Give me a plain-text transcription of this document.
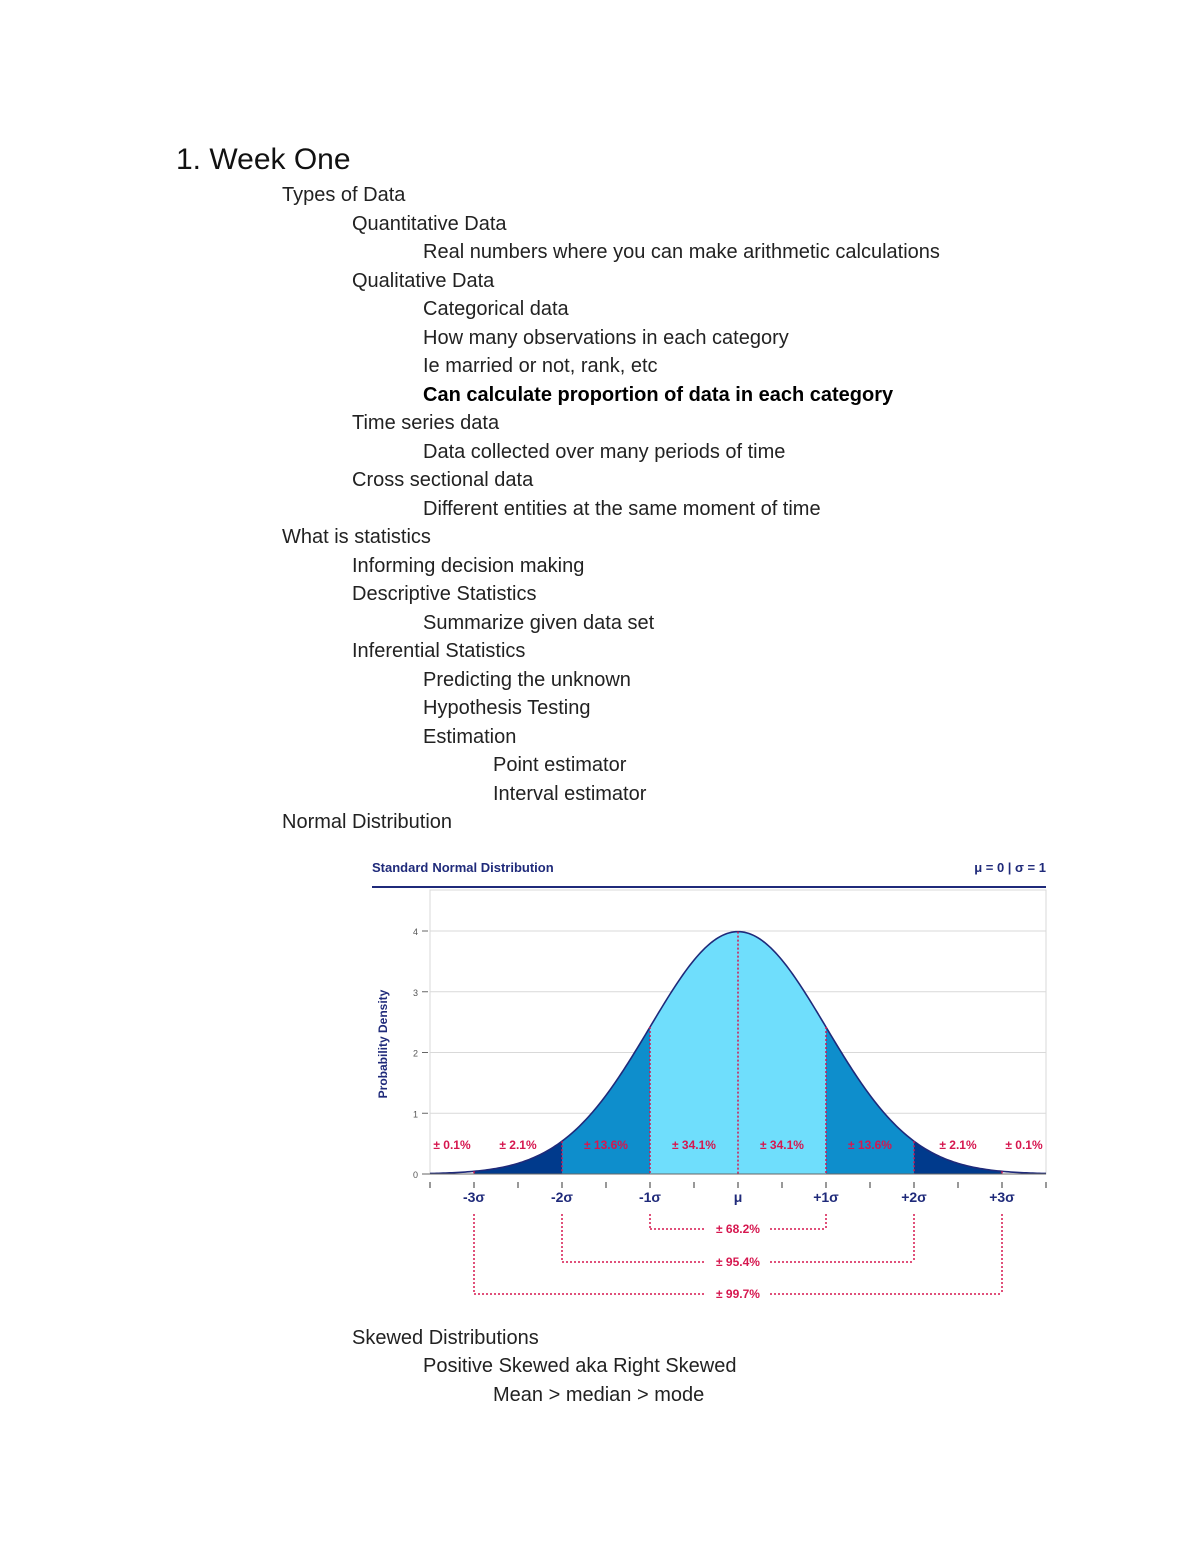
1. Week One
Types of Data
Quantitative Data
Real numbers where you can make arithmetic calculations
Qualitative Data
Categorical data
How many observations in each category
Ie married or not, rank, etc
Can calculate proportion of data in each category
Time series data
Data collected over many periods of time
Cross sectional data
Different entities at the same moment of time
What is statistics
Informing decision making
Descriptive Statistics
Summarize given data set
Inferential Statistics
Predicting the unknown
Hypothesis Testing
Estimation
Point estimator
Interval estimator
Normal Distribution
Skewed Distributions
Positive Skewed aka Right Skewed
Mean > median > mode
Standard	μ = 0 | σ = 1
Probability Density
0
1
2
3
4
± 0.1% ± 2.1%	± 13.6%	± 34.1%	± 34.1%	± 13.6%	± 2.1% ± 0.1%
-3σ	-2σ	-1σ	μ	+1σ	+2σ	+3σ
± 68.2%
± 95.4%
± 99.7%
Normal Distribution
